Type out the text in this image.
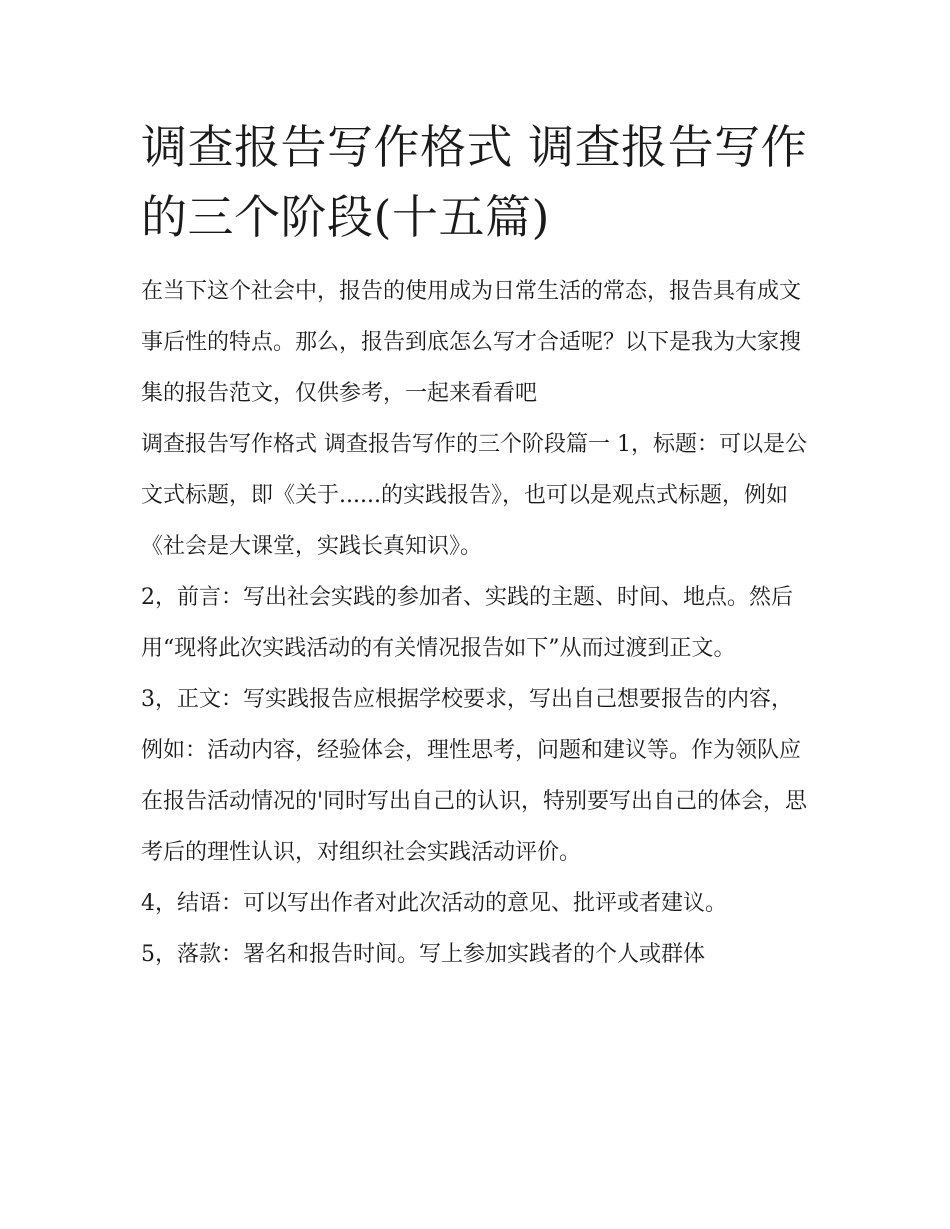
调查报告写作格式 调查报告写作的三个阶段(十五篇)

在当下这个社会中，报告的使用成为日常生活的常态，报告具有成文事后性的特点。那么，报告到底怎么写才合适呢？以下是我为大家搜集的报告范文，仅供参考，一起来看看吧

调查报告写作格式 调查报告写作的三个阶段篇一 1，标题：可以是公文式标题，即《关于......的实践报告》，也可以是观点式标题，例如《社会是大课堂，实践长真知识》。

2，前言：写出社会实践的参加者、实践的主题、时间、地点。然后用“现将此次实践活动的有关情况报告如下”从而过渡到正文。

3，正文：写实践报告应根据学校要求，写出自己想要报告的内容，例如：活动内容，经验体会，理性思考，问题和建议等。作为领队应在报告活动情况的'同时写出自己的认识，特别要写出自己的体会，思考后的理性认识，对组织社会实践活动评价。

4，结语：可以写出作者对此次活动的意见、批评或者建议。

5，落款：署名和报告时间。写上参加实践者的个人或群体
